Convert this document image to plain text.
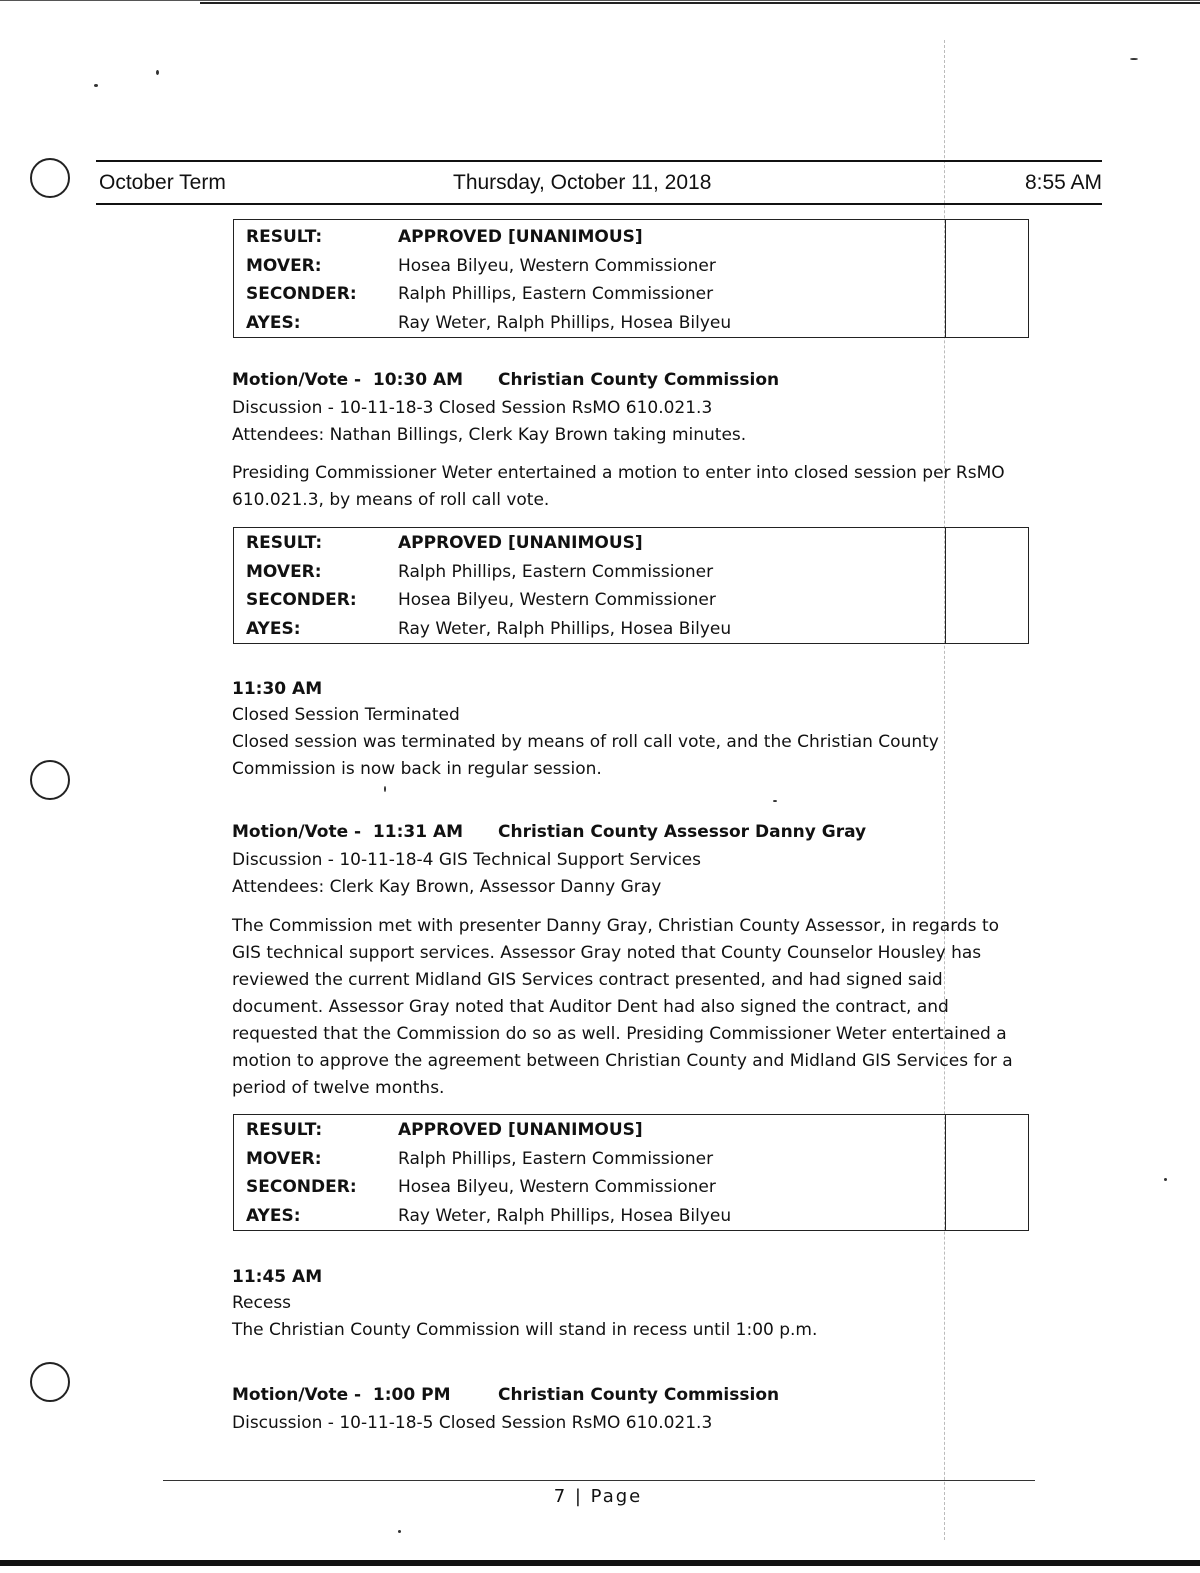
October Term	Thursday, October 11, 2018	8:55 AM
RESULT:	APPROVED [UNANIMOUS]
MOVER:	Hosea Bilyeu, Western Commissioner
SECONDER: Ralph Phillips, Eastern Commissioner
AYES:	Ray Weter, Ralph Phillips, Hosea Bilyeu
Motion/Vote -  10:30 AM Christian County Commission
Discussion - 10-11-18-3 Closed Session RsMO 610.021.3
Attendees: Nathan Billings, Clerk Kay Brown taking minutes.

Presiding Commissioner Weter entertained a motion to enter into closed session per RsMO 610.021.3, by means of roll call vote.

RESULT:	APPROVED [UNANIMOUS]
MOVER:	Ralph Phillips, Eastern Commissioner
SECONDER: Hosea Bilyeu, Western Commissioner
AYES:	Ray Weter, Ralph Phillips, Hosea Bilyeu
11:30 AM
Closed Session Terminated

Closed session was terminated by means of roll call vote, and the Christian County Commission is now back in regular session.

Motion/Vote -  11:31 AM Christian County Assessor Danny Gray
Discussion - 10-11-18-4 GIS Technical Support Services
Attendees: Clerk Kay Brown, Assessor Danny Gray

The Commission met with presenter Danny Gray, Christian County Assessor, in regards to GIS technical support services. Assessor Gray noted that County Counselor Housley has reviewed the current Midland GIS Services contract presented, and had signed said document. Assessor Gray noted that Auditor Dent had also signed the contract, and requested that the Commission do so as well. Presiding Commissioner Weter entertained a motion to approve the agreement between Christian County and Midland GIS Services for a period of twelve months.

RESULT:	APPROVED [UNANIMOUS]
MOVER:	Ralph Phillips, Eastern Commissioner
SECONDER: Hosea Bilyeu, Western Commissioner
AYES:	Ray Weter, Ralph Phillips, Hosea Bilyeu
11:45 AM
Recess
The Christian County Commission will stand in recess until 1:00 p.m.
Motion/Vote -  1:00 PM	Christian County Commission
Discussion - 10-11-18-5 Closed Session RsMO 610.021.3
7 | Page
